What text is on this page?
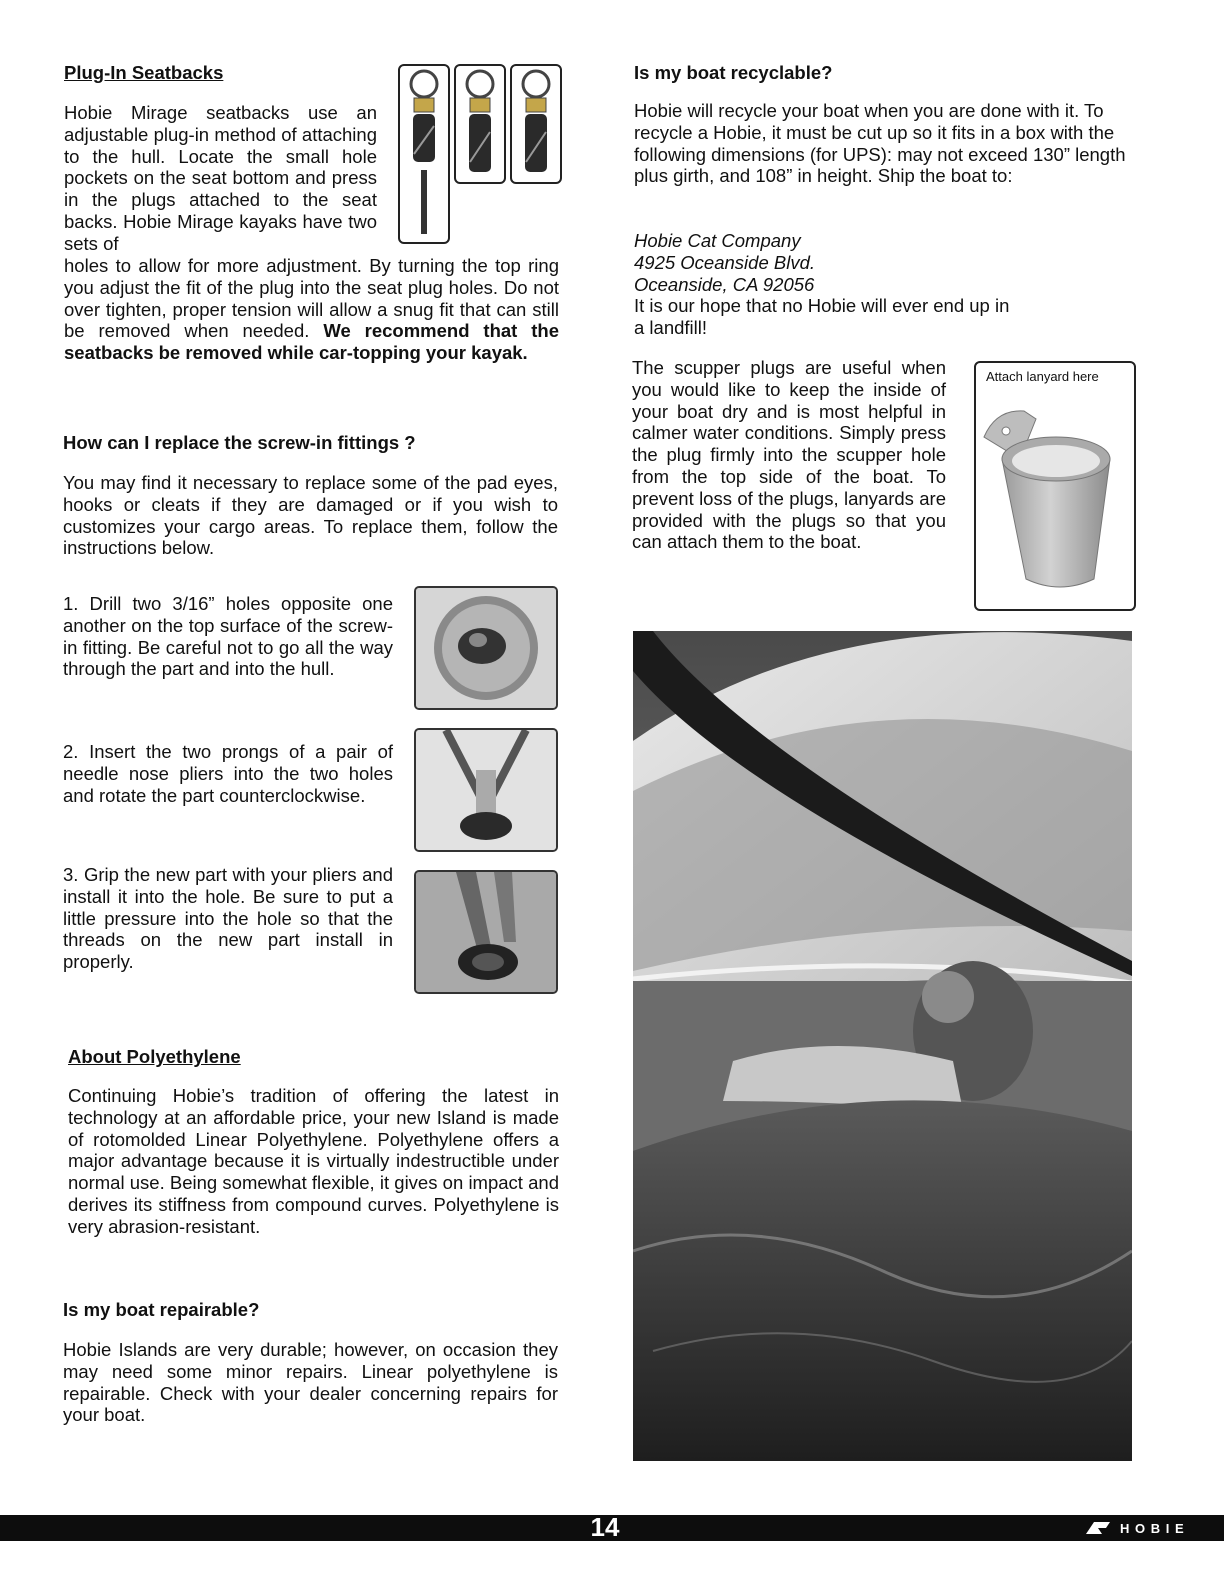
Plug-In Seatbacks
Hobie Mirage seatbacks use an adjustable plug-in method of attaching to the hull. Locate the small hole pockets on the seat bottom and press in the plugs attached to the seat backs. Hobie Mirage kayaks have two sets of
holes to allow for more adjustment. By turning the top ring you adjust the fit of the plug into the seat plug holes. Do not over tighten, proper tension will allow a snug fit that can still be removed when needed. We recommend that the seatbacks be removed while car-topping your kayak.
How can I replace the screw-in fittings ?
You may find it necessary to replace some of the pad eyes, hooks or cleats if they are damaged or if you wish to customizes your cargo areas. To replace them, follow the instructions below.
1. Drill two 3/16” holes opposite one another on the top surface of the screw-in fitting. Be careful not to go all the way through the part and into the hull.
2. Insert the two prongs of a pair of needle nose pliers into the two holes and rotate the part counterclockwise.
3. Grip the new part with your pliers and install it into the hole. Be sure to put a little pressure into the hole so that the threads on the new part install in properly.
About Polyethylene
Continuing Hobie’s tradition of offering the latest in technology at an affordable price, your new Island is made of rotomolded Linear Polyethylene. Polyethylene offers a major advantage because it is virtually indestructible under normal use. Being somewhat flexible, it gives on impact and derives its stiffness from compound curves. Polyethylene is very abrasion-resistant.
Is my boat repairable?
Hobie Islands are very durable; however, on occasion they may need some minor repairs. Linear polyethylene is repairable. Check with your dealer concerning repairs for your boat.
Is my boat recyclable?
Hobie will recycle your boat when you are done with it. To recycle a Hobie, it must be cut up so it fits in a box with the following dimensions (for UPS): may not exceed 130” length plus girth, and 108” in height. Ship the boat to:
Hobie Cat Company
4925 Oceanside Blvd.
Oceanside, CA 92056
It is our hope that no Hobie will ever end up in
a landfill!
The scupper plugs are useful when you would like to keep the inside of your boat dry and is most helpful in calmer water conditions. Simply press the plug firmly into the scupper hole from the top side of the boat. To prevent loss of the plugs, lanyards are provided with the plugs so that you can attach them to the boat.
Attach lanyard here
14	H O B I E
